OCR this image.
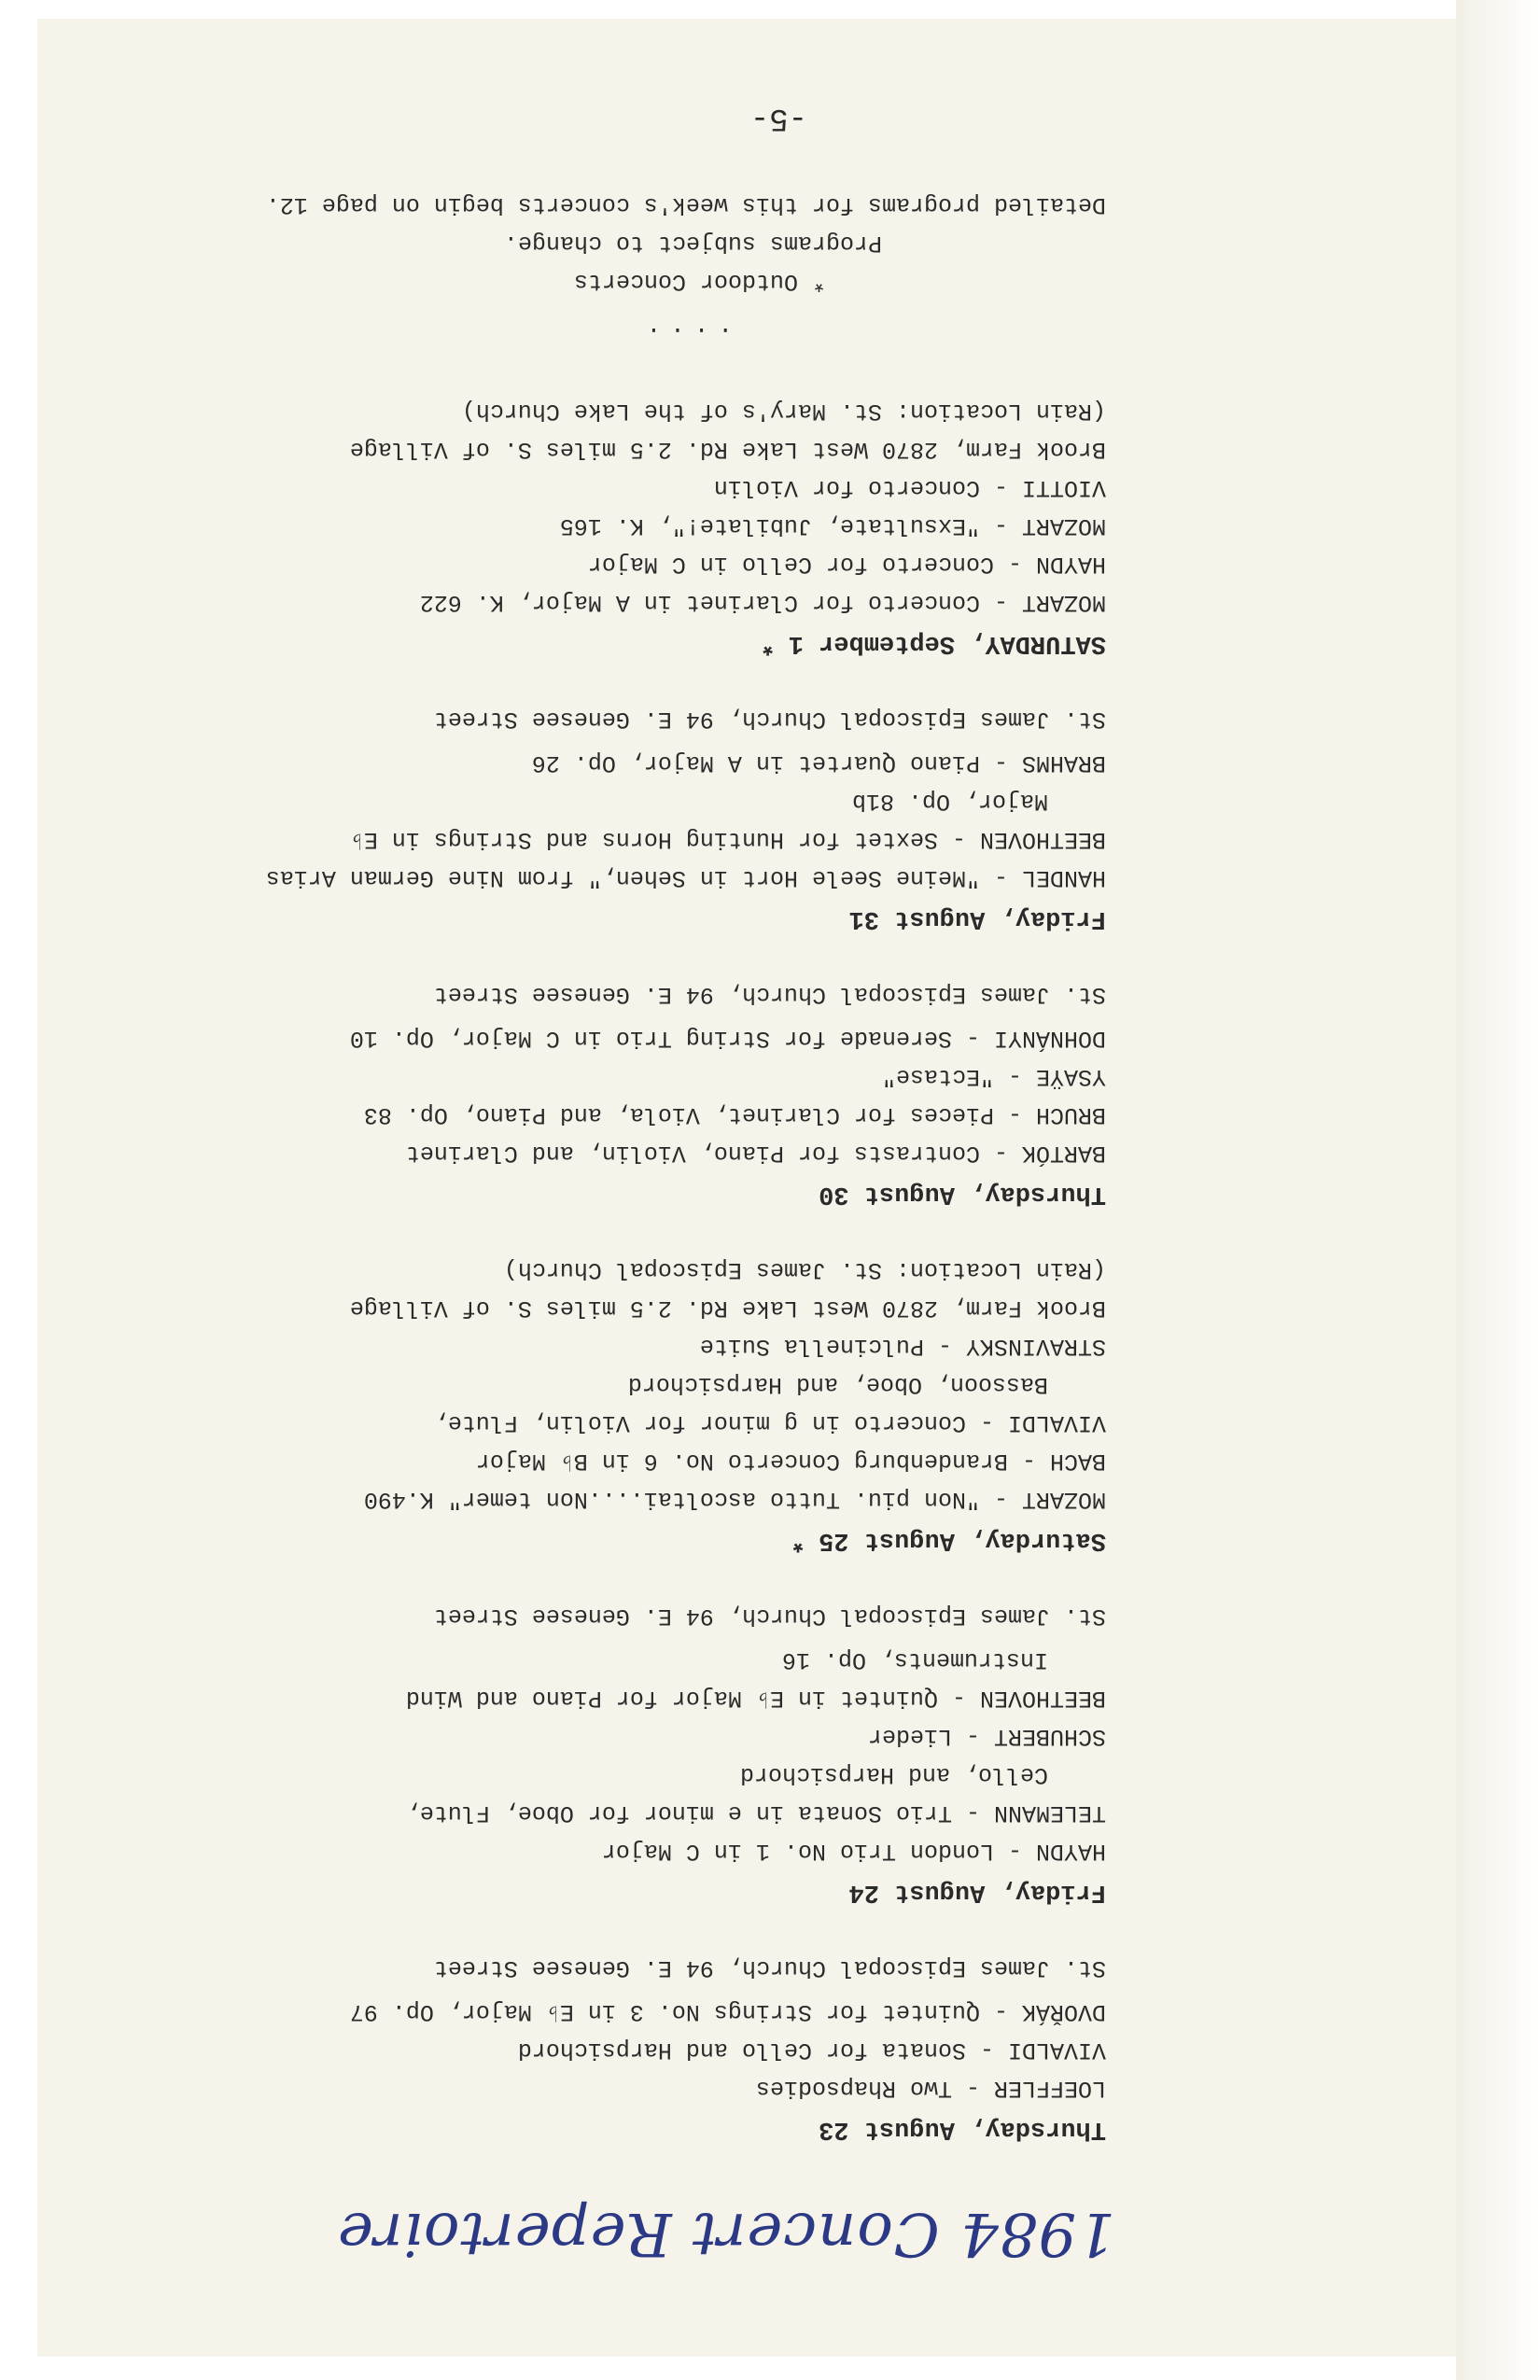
1984 Concert Repertoire
Thursday, August 23
LOEFFLER - Two Rhapsodies
VIVALDI - Sonata for Cello and Harpsichord
DVOŘÁK - Quintet for Strings No. 3 in E♭ Major, Op. 97
St. James Episcopal Church, 94 E. Genesee Street
Friday, August 24
HAYDN - London Trio No. 1 in C Major
TELEMANN - Trio Sonata in e minor for Oboe, Flute,
Cello, and Harpsichord
SCHUBERT - Lieder
BEETHOVEN - Quintet in E♭ Major for Piano and Wind
Instruments, Op. 16
St. James Episcopal Church, 94 E. Genesee Street
Saturday, August 25*
MOZART - "Non piu. Tutto ascoltai....Non temer" K.490
BACH - Brandenburg Concerto No. 6 in B♭ Major
VIVALDI - Concerto in g minor for Violin, Flute,
Bassoon, Oboe, and Harpsichord
STRAVINSKY - Pulcinella Suite
Brook Farm, 2870 West Lake Rd. 2.5 miles S. of Village
(Rain Location: St. James Episcopal Church)
Thursday, August 30
BARTÓK - Contrasts for Piano, Violin, and Clarinet
BRUCH - Pieces for Clarinet, Viola, and Piano, Op. 83
YSAŸE - "Ectase"
DOHNÁNYI - Serenade for String Trio in C Major, Op. 10
St. James Episcopal Church, 94 E. Genesee Street
Friday, August 31
HANDEL - "Meine Seele Hort in Sehen," from Nine German Arias
BEETHOVEN - Sextet for Hunting Horns and Strings in E♭
Major, Op. 81b
BRAHMS - Piano Quartet in A Major, Op. 26
St. James Episcopal Church, 94 E. Genesee Street
SATURDAY, September 1*
MOZART - Concerto for Clarinet in A Major, K. 622
HAYDN - Concerto for Cello in C Major
MOZART - "Exsultate, Jubilate!", K. 165
VIOTTI - Concerto for Violin
Brook Farm, 2870 West Lake Rd. 2.5 miles S. of Village
(Rain Location: St. Mary's of the Lake Church)
....
* Outdoor Concerts
Programs subject to change.
Detailed programs for this week's concerts begin on page 12.
-5-
